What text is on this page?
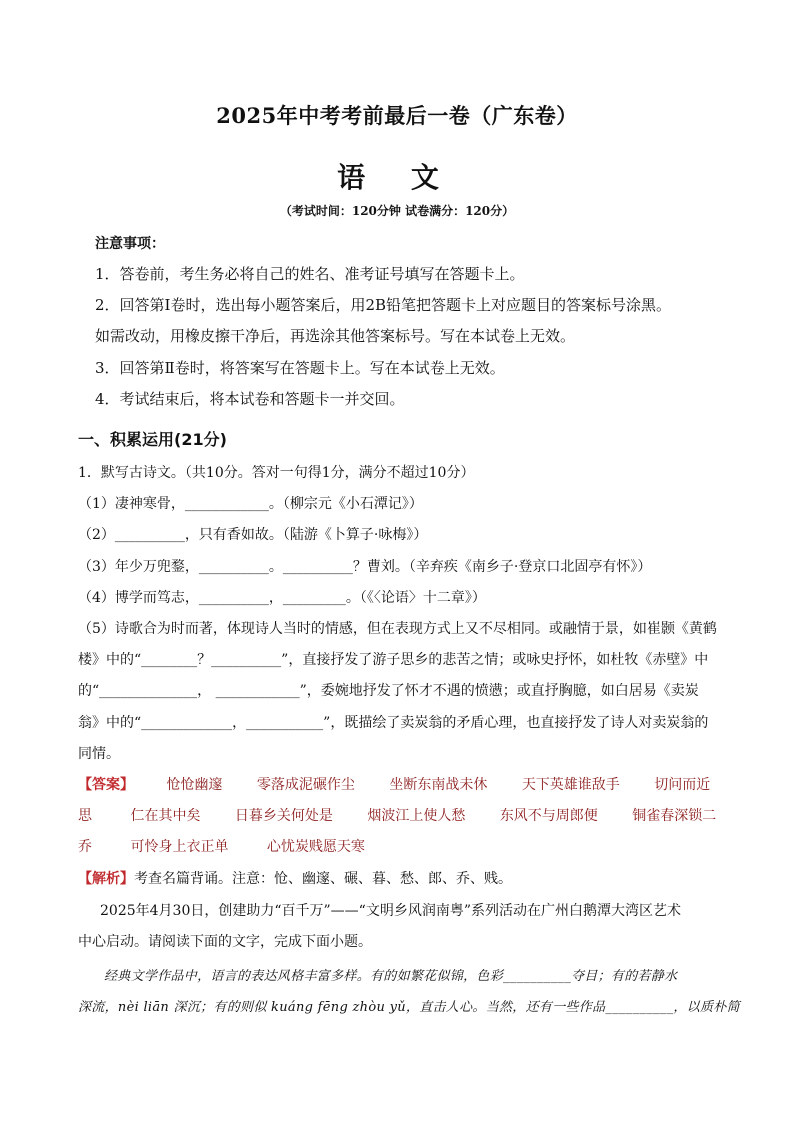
2025年中考考前最后一卷（广东卷）
语 文
（考试时间：120分钟 试卷满分：120分）
注意事项：
1．答卷前，考生务必将自己的姓名、准考证号填写在答题卡上。
2．回答第Ⅰ卷时，选出每小题答案后，用2B铅笔把答题卡上对应题目的答案标号涂黑。
如需改动，用橡皮擦干净后，再选涂其他答案标号。写在本试卷上无效。
3．回答第Ⅱ卷时，将答案写在答题卡上。写在本试卷上无效。
4．考试结束后，将本试卷和答题卡一并交回。
一、积累运用(21分)
1．默写古诗文。（共10分。答对一句得1分，满分不超过10分）
（1）凄神寒骨，____________。（柳宗元《小石潭记》）
（2）__________，只有香如故。（陆游《卜算子·咏梅》）
（3）年少万兜鍪，__________。__________？曹刘。（辛弃疾《南乡子·登京口北固亭有怀》）
（4）博学而笃志，__________，_________。（《〈论语〉十二章》）
（5）诗歌合为时而著，体现诗人当时的情感，但在表现方式上又不尽相同。或融情于景，如崔颢《黄鹤
楼》中的“________？__________”，直接抒发了游子思乡的悲苦之情；或咏史抒怀，如杜牧《赤壁》中
的“______________， ____________”，委婉地抒发了怀才不遇的愤懑；或直抒胸臆，如白居易《卖炭
翁》中的“_____________，___________”，既描绘了卖炭翁的矛盾心理，也直接抒发了诗人对卖炭翁的
同情。
【答案】 怆怆幽邃 零落成泥碾作尘 坐断东南战未休 天下英雄谁敌手 切问而近
思	仁在其中矣 日暮乡关何处是 烟波江上使人愁 东风不与周郎便 铜雀春深锁二
乔	可怜身上衣正单	心忧炭贱愿天寒
【解析】考查名篇背诵。注意：怆、幽邃、碾、暮、愁、郎、乔、贱。
2025年4月30日，创建助力“百千万”——“文明乡风润南粤”系列活动在广州白鹅潭大湾区艺术
中心启动。请阅读下面的文字，完成下面小题。
经典文学作品中，语言的表达风格丰富多样。有的如繁花似锦，色彩__________夺目；有的若静水
深流，nèi liān 深沉；有的则似 kuáng fēng zhòu yǔ，直击人心。当然，还有一些作品__________，以质朴简
